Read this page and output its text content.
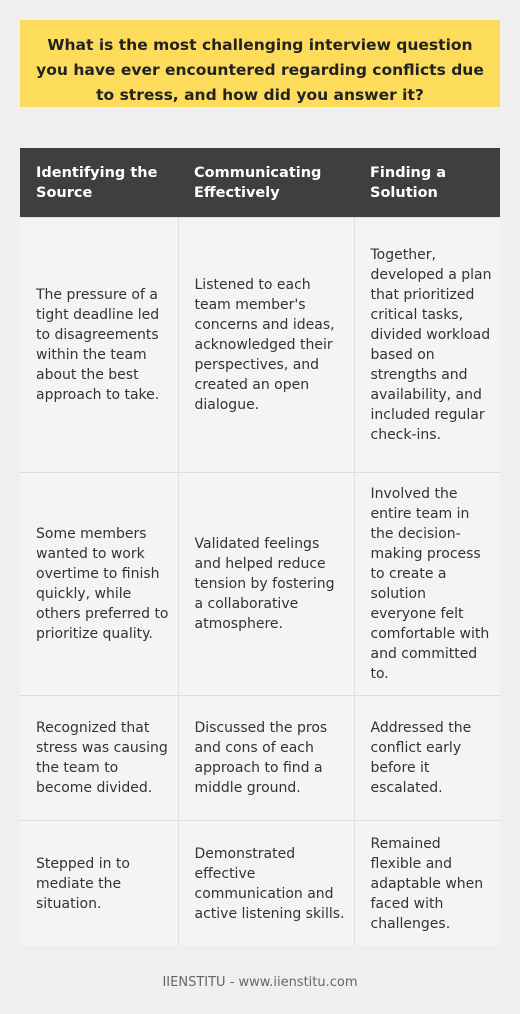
What is the most challenging interview question you have ever encountered regarding conflicts due to stress, and how did you answer it?
Identifying the Source	Communicating Effectively	Finding a Solution
The pressure of a tight deadline led to disagreements within the team about the best approach to take.	Listened to each team member's concerns and ideas, acknowledged their perspectives, and created an open dialogue.	Together, developed a plan that prioritized critical tasks, divided workload based on strengths and availability, and included regular check-ins.
Some members wanted to work overtime to finish quickly, while others preferred to prioritize quality.	Validated feelings and helped reduce tension by fostering a collaborative atmosphere.	Involved the entire team in the decision-making process to create a solution everyone felt comfortable with and committed to.
Recognized that stress was causing the team to become divided.	Discussed the pros and cons of each approach to find a middle ground.	Addressed the conflict early before it escalated.
Stepped in to mediate the situation.	Demonstrated effective communication and active listening skills.	Remained flexible and adaptable when faced with challenges.
IIENSTITU - www.iienstitu.com
